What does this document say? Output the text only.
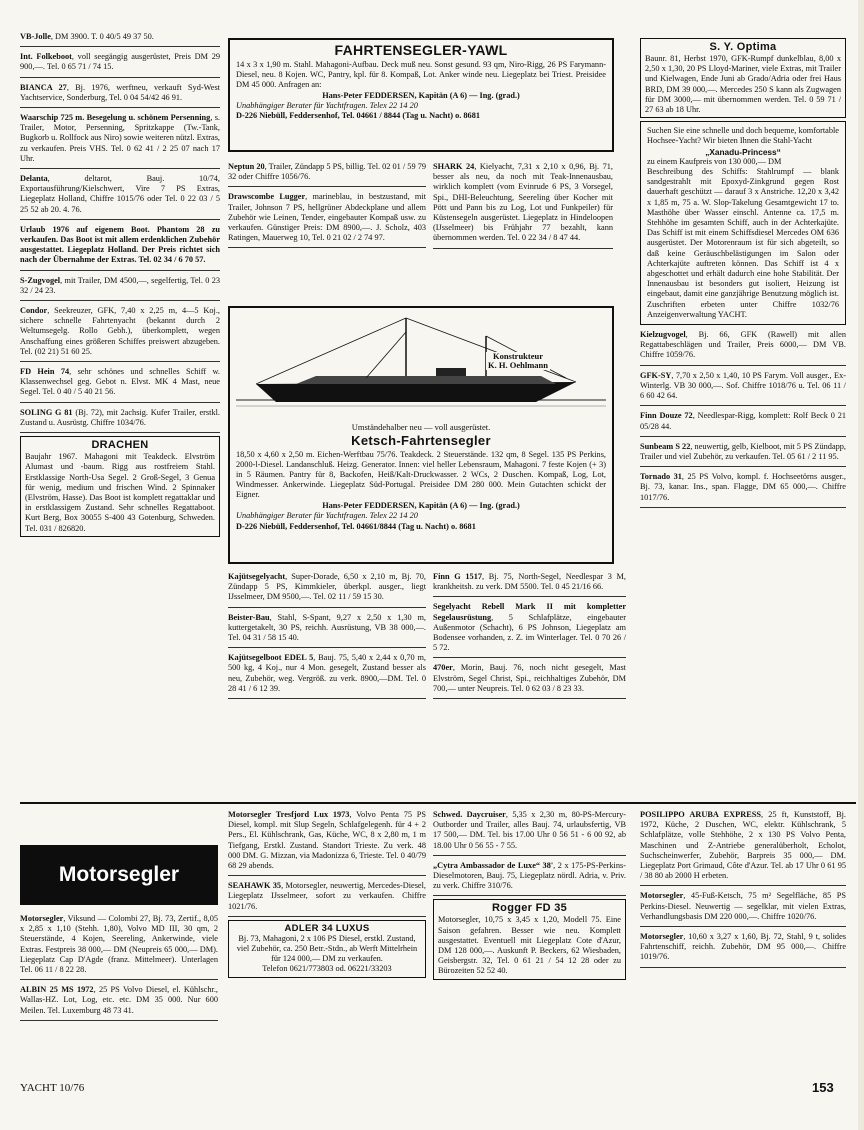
VB-Jolle, DM 3900. T. 0 40/5 49 37 50.
Int. Folkeboot, voll seegängig ausgerüstet, Preis DM 29 900,—. Tel. 0 65 71 / 74 15.
BIANCA 27, Bj. 1976, werftneu, verkauft Syd-West Yachtservice, Sonderburg, Tel. 0 04 54/42 46 91.
Waarschip 725 m. Besegelung u. schönem Persenning, s. Trailer, Motor, Persenning, Spritzkappe (Tw.-Tank, Bugkorb u. Rollfock aus Niro) sowie weiteren nützl. Extras, zu verkaufen. Preis VHS. Tel. 0 62 41 / 2 25 07 nach 17 Uhr.
Delanta, deltarot, Bauj. 10/74, Exportausführung/Kielschwert, Vire 7 PS Extras, Liegeplatz Holland, Chiffre 1015/76 oder Tel. 0 22 03 / 5 25 52 ab 20. 4. 76.
Urlaub 1976 auf eigenem Boot. Phantom 28 zu verkaufen. Das Boot ist mit allem erdenklichen Zubehör ausgestattet. Liegeplatz Holland. Der Preis richtet sich nach der Übernahme der Extras. Tel. 02 34 / 6 70 57.
S-Zugvogel, mit Trailer, DM 4500,—, segelfertig, Tel. 0 23 32 / 24 23.
Condor, Seekreuzer, GFK, 7,40 x 2,25 m, 4—5 Koj., sichere schnelle Fahrtenyacht (bekannt durch 2 Weltumsegelg. Rollo Gebh.), überkomplett, wegen Anschaffung eines größeren Schiffes preiswert abzugeben. Tel. (02 21) 51 60 25.
FD Hein 74, sehr schönes und schnelles Schiff w. Klassenwechsel geg. Gebot n. Elvst. MK 4 Mast, neue Segel. Tel. 0 40 / 5 40 21 56.
SOLING G 81 (Bj. 72), mit 2achsig. Kufer Trailer, erstkl. Zustand u. Ausrüstg. Chiffre 1034/76.
DRACHEN
Baujahr 1967. Mahagoni mit Teakdeck. Elvström Alumast und -baum. Rigg aus rostfreiem Stahl. Erstklassige North-Usa Segel. 2 Groß-Segel, 3 Genua für wenig, medium und frischen Wind. 2 Spinnaker (Elvström, Hasse). Das Boot ist komplett regattaklar und in erstklassigem Zustand. Sehr schnelles Regattaboot. Kurt Berg, Box 30055 S-400 43 Gotenburg, Schweden. Tel. 031 / 826820.
FAHRTENSEGLER-YAWL
14 x 3 x 1,90 m. Stahl. Mahagoni-Aufbau. Deck muß neu. Sonst gesund. 93 qm, Niro-Rigg, 26 PS Farymann-Diesel, neu. 8 Kojen. WC, Pantry, kpl. für 8. Kompaß, Lot. Anker winde neu. Liegeplatz bei Triest. Preisidee DM 45 000. Anfragen an:
Hans-Peter FEDDERSEN, Kapitän (A 6) — Ing. (grad.)
Unabhängiger Berater für Yachtfragen. Telex 22 14 20
D-226 Niebüll, Feddersenhof, Tel. 04661 / 8844 (Tag u. Nacht) o. 8681
Neptun 20, Trailer, Zündapp 5 PS, billig. Tel. 02 01 / 59 79 32 oder Chiffre 1056/76.
Drawscombe Lugger, marineblau, in bestzustand, mit Trailer, Johnson 7 PS, hellgrüner Abdeckplane und allem Zubehör wie Leinen, Tender, eingebauter Kompaß usw. zu verkaufen. Günstiger Preis: DM 8900,—. J. Scholz, 403 Ratingen, Mauerweg 10, Tel. 0 21 02 / 2 74 97.
SHARK 24, Kielyacht, 7,31 x 2,10 x 0,96, Bj. 71, besser als neu, da noch mit Teak-Innenausbau, wirklich komplett (vom Evinrude 6 PS, 3 Vorsegel, Spi., DHI-Beleuchtung, Seereling über Kocher mit Pött und Pann bis zu Log, Lot und Funkpeiler) für Küstensegeln ausgerüstet. Liegeplatz in Hindeloopen (IJsselmeer) bis Frühjahr 77 bezahlt, kann übernommen werden. Tel. 0 22 34 / 8 47 44.
Konstrukteur
K. H. Oehlmann
Umständehalber neu — voll ausgerüstet.
Ketsch-Fahrtensegler
18,50 x 4,60 x 2,50 m. Eichen-Werftbau 75/76. Teakdeck. 2 Steuerstände. 132 qm, 8 Segel. 135 PS Perkins, 2000-l-Diesel. Landanschluß. Heizg. Generator. Innen: viel heller Lebensraum, Mahagoni. 7 feste Kojen (+ 3) in 5 Räumen. Pantry für 8, Backofen, Heiß/Kalt-Druckwasser. 2 WCs, 2 Duschen. Kompaß, Log, Lot, Windmesser. Ankerwinde. Liegeplatz Süd-Portugal. Preisidee DM 280 000. Mein Gutachten schickt der Eigner.
Hans-Peter FEDDERSEN, Kapitän (A 6) — Ing. (grad.)
Unabhängiger Berater für Yachtfragen. Telex 22 14 20
D-226 Niebüll, Feddersenhof, Tel. 04661/8844 (Tag u. Nacht) o. 8681
Kajütsegelyacht, Super-Dorade, 6,50 x 2,10 m, Bj. 70, Zündapp 5 PS, Kimmkieler, überkpl. ausger., liegt IJsselmeer, DM 9500,—. Tel. 02 11 / 59 15 30.
Beister-Bau, Stahl, S-Spant, 9,27 x 2,50 x 1,30 m, kuttergetakelt, 30 PS, reichh. Ausrüstung, VB 38 000,—. Tel. 04 31 / 58 15 40.
Kajütsegelboot EDEL 5, Bauj. 75, 5,40 x 2,44 x 0,70 m, 500 kg, 4 Koj., nur 4 Mon. gesegelt, Zustand besser als neu, Zubehör, weg. Vergröß. zu verk. 8900,—DM. Tel. 0 28 41 / 6 12 39.
Finn G 1517, Bj. 75, North-Segel, Needlespar 3 M, krankheitsh. zu verk. DM 5500. Tel. 0 45 21/16 66.
Segelyacht Rebell Mark II mit kompletter Segelausrüstung, 5 Schlafplätze, eingebauter Außenmotor (Schacht), 6 PS Johnson, Liegeplatz am Bodensee vorhanden, z. Z. im Winterlager. Tel. 0 70 26 / 5 72.
470er, Morin, Bauj. 76, noch nicht gesegelt, Mast Elvström, Segel Christ, Spi., reichhaltiges Zubehör, DM 700,— unter Neupreis. Tel. 0 62 03 / 8 23 33.
S. Y. Optima
Baunr. 81, Herbst 1970, GFK-Rumpf dunkelblau, 8,00 x 2,50 x 1,30, 20 PS Lloyd-Mariner, viele Extras, mit Trailer und Kielwagen, Ende Juni ab Grado/Adria oder frei Haus BRD, DM 39 000,—. Mercedes 250 S kann als Zugwagen für DM 3000,— mit übernommen werden. Tel. 0 59 71 / 27 63 ab 18 Uhr.
Suchen Sie eine schnelle und doch bequeme, komfortable Hochsee-Yacht? Wir bieten Ihnen die Stahl-Yacht
„Xanadu-Princess“
zu einem Kaufpreis von 130 000,— DM
Beschreibung des Schiffs: Stahlrumpf — blank sandgestrahlt mit Epoxyd-Zinkgrund gegen Rost dauerhaft geschützt — darauf 3 x Anstriche. 12,20 x 3,42 x 1,85 m, 75 a. W. Slop-Takelung Gesamtgewicht 17 to. Masthöhe über Wasser einschl. Antenne ca. 17,5 m. Stehhöhe im gesamten Schiff, auch in der Achterkajüte. Das Schiff ist mit einem Schiffsdiesel Mercedes OM 636 ausgerüstet. Der Motorenraum ist für sich abgeteilt, so daß keine Geräuschbelästigungen im Salon oder Achterkajüte auftreten können. Das Schiff ist 4 x abgeschottet und erhält dadurch eine hohe Stabilität. Der Innenausbau ist besonders gut isoliert, Heizung ist eingebaut, damit eine ganzjährige Benutzung möglich ist. Zuschriften erbeten unter Chiffre 1032/76 Anzeigenverwaltung YACHT.
Kielzugvogel, Bj. 66, GFK (Rawell) mit allen Regattabeschlägen und Trailer, Preis 6000,— DM VB. Chiffre 1059/76.
GFK-SY, 7,70 x 2,50 x 1,40, 10 PS Farym. Voll ausger., Ex-Winterlg. VB 30 000,—. Sof. Chiffre 1018/76 u. Tel. 06 11 / 6 60 42 64.
Finn Douze 72, Needlespar-Rigg, komplett: Rolf Beck 0 21 05/28 44.
Sunbeam S 22, neuwertig, gelb, Kielboot, mit 5 PS Zündapp, Trailer und viel Zubehör, zu verkaufen. Tel. 05 61 / 2 11 95.
Tornado 31, 25 PS Volvo, kompl. f. Hochseetörns ausger., Bj. 73, kanar. Ins., span. Flagge, DM 65 000,—. Chiffre 1017/76.
Motorsegler
Motorsegler, Viksund — Colombi 27, Bj. 73, Zertif., 8,05 x 2,85 x 1,10 (Stehh. 1,80), Volvo MD III, 30 qm, 2 Steuerstände, 4 Kojen, Seereling, Ankerwinde, viele Extras. Festpreis 38 000,— DM (Neupreis 65 000,— DM). Liegeplatz Cap D'Agde (franz. Mittelmeer). Unterlagen Tel. 06 11 / 8 22 28.
ALBIN 25 MS 1972, 25 PS Volvo Diesel, el. Kühlschr., Wallas-HZ. Lot, Log, etc. etc. DM 35 000. Nur 600 Meilen. Tel. Luxemburg 48 73 41.
Motorsegler Tresfjord Lux 1973, Volvo Penta 75 PS Diesel, kompl. mit Slup Segeln, Schlafgelegenh. für 4 + 2 Pers., El. Kühlschrank, Gas, Küche, WC, 8 x 2,80 m, 1 m Tiefgang, Erstkl. Zustand. Standort Trieste. Zu verk. 48 000 DM. G. Mizzan, via Madonizza 6, Trieste. Tel. 0 40/79 68 29 abends.
SEAHAWK 35, Motorsegler, neuwertig, Mercedes-Diesel, Liegeplatz IJsselmeer, sofort zu verkaufen. Chiffre 1021/76.
ADLER 34 LUXUS
Bj. 73, Mahagoni, 2 x 106 PS Diesel, erstkl. Zustand, viel Zubehör, ca. 250 Betr.-Stdn., ab Werft Mittelrhein für 124 000,— DM zu verkaufen.
Telefon 0621/773803 od. 06221/33203
Schwed. Daycruiser, 5,35 x 2,30 m, 80-PS-Mercury-Outborder und Trailer, alles Bauj. 74, urlaubsfertig, VB 17 500,— DM. Tel. bis 17.00 Uhr 0 56 51 - 6 00 92, ab 18.00 Uhr 0 56 55 - 7 55.
„Cytra Ambassador de Luxe“ 38', 2 x 175-PS-Perkins-Dieselmotoren, Bauj. 75, Liegeplatz nördl. Adria, v. Priv. zu verk. Chiffre 310/76.
Rogger FD 35
Motorsegler, 10,75 x 3,45 x 1,20, Modell 75. Eine Saison gefahren. Besser wie neu. Komplett ausgestattet. Eventuell mit Liegeplatz Cote d'Azur, DM 128 000,—. Auskunft P. Beckers, 62 Wiesbaden, Geisbergstr. 32, Tel. 0 61 21 / 54 12 28 oder zu Bürozeiten 52 52 40.
POSILIPPO ARUBA EXPRESS, 25 ft, Kunststoff, Bj. 1972, Küche, 2 Duschen, WC, elektr. Kühlschrank, 5 Schlafplätze, volle Stehhöhe, 2 x 130 PS Volvo Penta, Maschinen und Z-Antriebe generalüberholt, Echolot, Suchscheinwerfer, Zubehör, Barpreis 35 000,— DM. Liegeplatz Port Grimaud, Côte d'Azur. Tel. ab 17 Uhr 0 61 95 / 38 80 ab 2000 H erbeten.
Motorsegler, 45-Fuß-Ketsch, 75 m² Segelfläche, 85 PS Perkins-Diesel. Neuwertig — segelklar, mit vielen Extras, Verhandlungsbasis DM 220 000,—. Chiffre 1020/76.
Motorsegler, 10,60 x 3,27 x 1,60, Bj. 72, Stahl, 9 t, solides Fahrtenschiff, reichh. Zubehör, DM 95 000,—. Chiffre 1019/76.
YACHT 10/76	153
